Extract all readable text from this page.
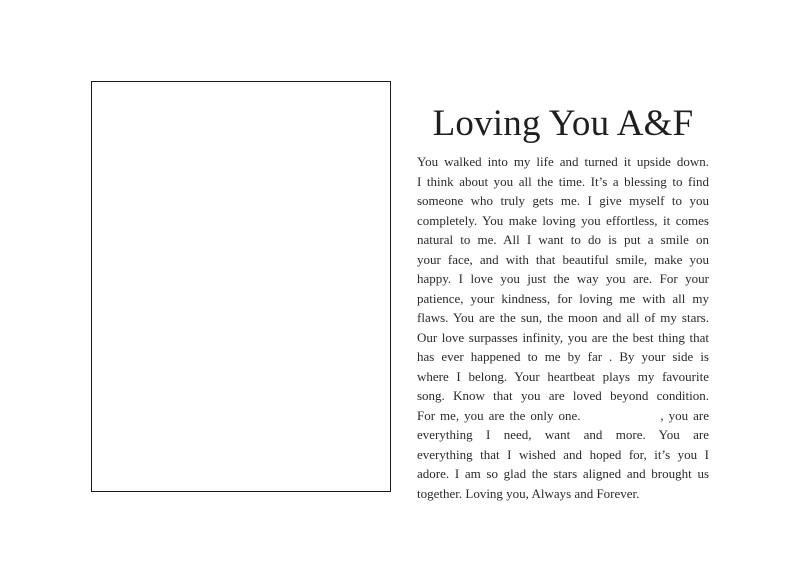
Loving You A&F
You walked into my life and turned it upside down.
I think about you all the time. It’s a blessing to find
someone who truly gets me. I give myself to you
completely. You make loving you effortless, it comes
natural to me. All I want to do is put a smile on
your face, and with that beautiful smile, make you
happy. I love you just the way you are. For your
patience, your kindness, for loving me with all my
flaws. You are the sun, the moon and all of my stars.
Our love surpasses infinity, you are the best thing that
has ever happened to me by far . By your side is
where I belong. Your heartbeat plays my favourite
song. Know that you are loved beyond condition.
For me, you are the only one.                , you are
everything I need, want and more. You are
everything that I wished and hoped for, it’s you I
adore. I am so glad the stars aligned and brought us
together. Loving you, Always and Forever.
